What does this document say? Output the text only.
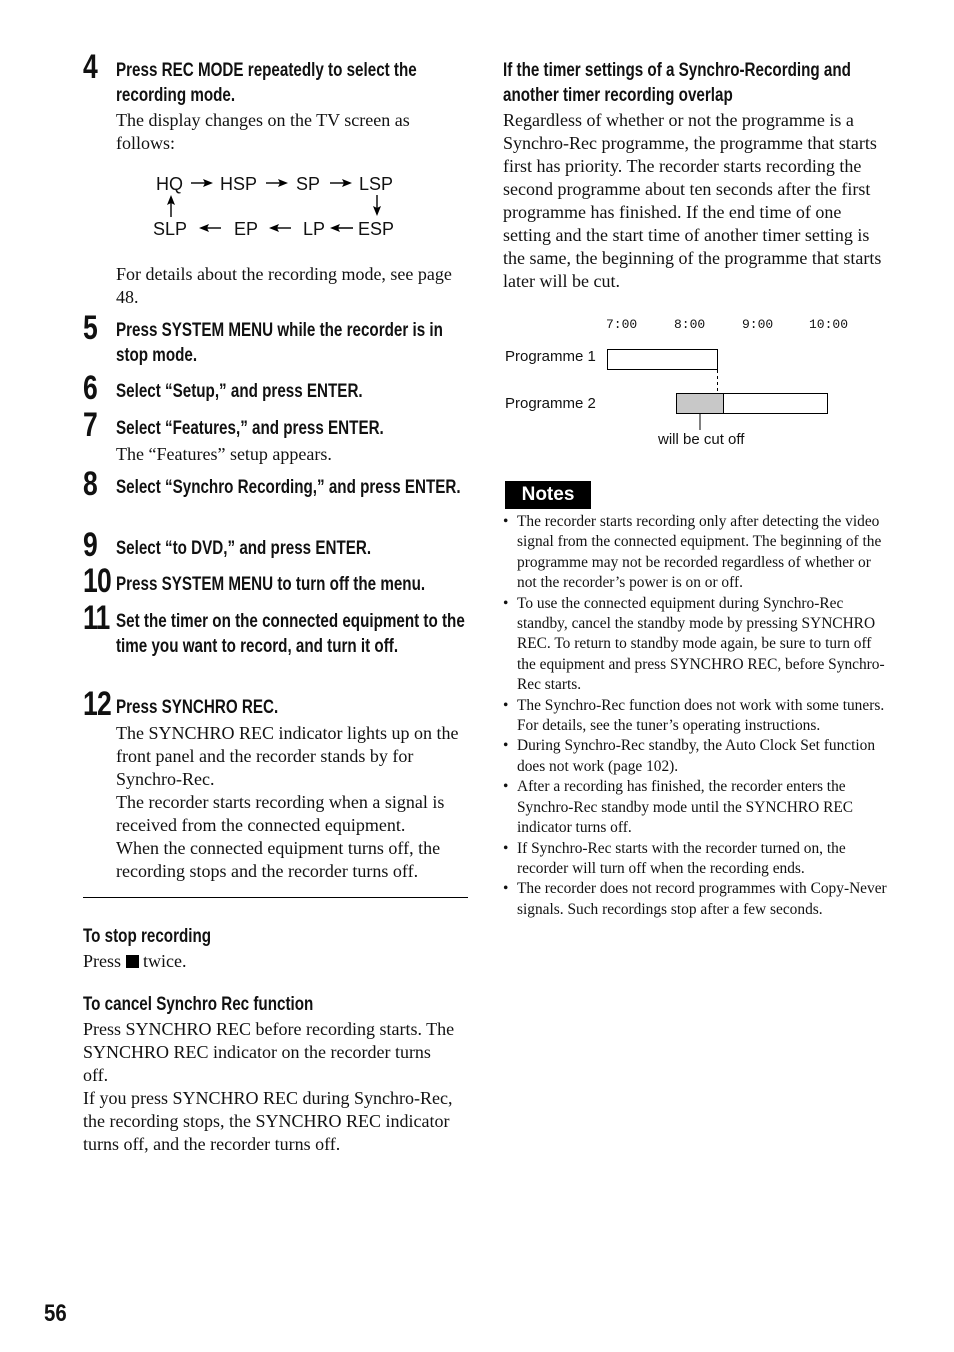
4 Press REC MODE repeatedly to select the recording mode.
The display changes on the TV screen as follows:
HQ HSP SP LSP
SLP	EP LP ESP
For details about the recording mode, see page 48.
5 Press SYSTEM MENU while the recorder is in stop mode.
6 Select “Setup,” and press ENTER.
7 Select “Features,” and press ENTER.
The “Features” setup appears.
8 Select “Synchro Recording,” and press ENTER.
9 Select “to DVD,” and press ENTER.
10 Press SYSTEM MENU to turn off the menu.
11 Set the timer on the connected equipment to the time you want to record, and turn it off.
12 Press SYNCHRO REC.
The SYNCHRO REC indicator lights up on the front panel and the recorder stands by for Synchro-Rec.
The recorder starts recording when a signal is received from the connected equipment.
When the connected equipment turns off, the recording stops and the recorder turns off.
To stop recording
Press twice.
To cancel Synchro Rec function
Press SYNCHRO REC before recording starts. The SYNCHRO REC indicator on the recorder turns off.
If you press SYNCHRO REC during Synchro-Rec, the recording stops, the SYNCHRO REC indicator turns off, and the recorder turns off.
If the timer settings of a Synchro-Recording and another timer recording overlap
Regardless of whether or not the programme is a Synchro-Rec programme, the programme that starts first has priority. The recorder starts recording the second programme about ten seconds after the first programme has finished. If the end time of one setting and the start time of another timer setting is the same, the beginning of the programme that starts later will be cut.
7:00	8:00	9:00	10:00
Programme 1
Programme 2
will be cut off
Notes
• The recorder starts recording only after detecting the video signal from the connected equipment. The beginning of the programme may not be recorded regardless of whether or not the recorder’s power is on or off.
• To use the connected equipment during Synchro-Rec standby, cancel the standby mode by pressing SYNCHRO REC. To return to standby mode again, be sure to turn off the equipment and press SYNCHRO REC, before Synchro-Rec starts.
• The Synchro-Rec function does not work with some tuners. For details, see the tuner’s operating instructions.
• During Synchro-Rec standby, the Auto Clock Set function does not work (page 102).
• After a recording has finished, the recorder enters the Synchro-Rec standby mode until the SYNCHRO REC indicator turns off.
• If Synchro-Rec starts with the recorder turned on, the recorder will turn off when the recording ends.
• The recorder does not record programmes with Copy-Never signals. Such recordings stop after a few seconds.
56
